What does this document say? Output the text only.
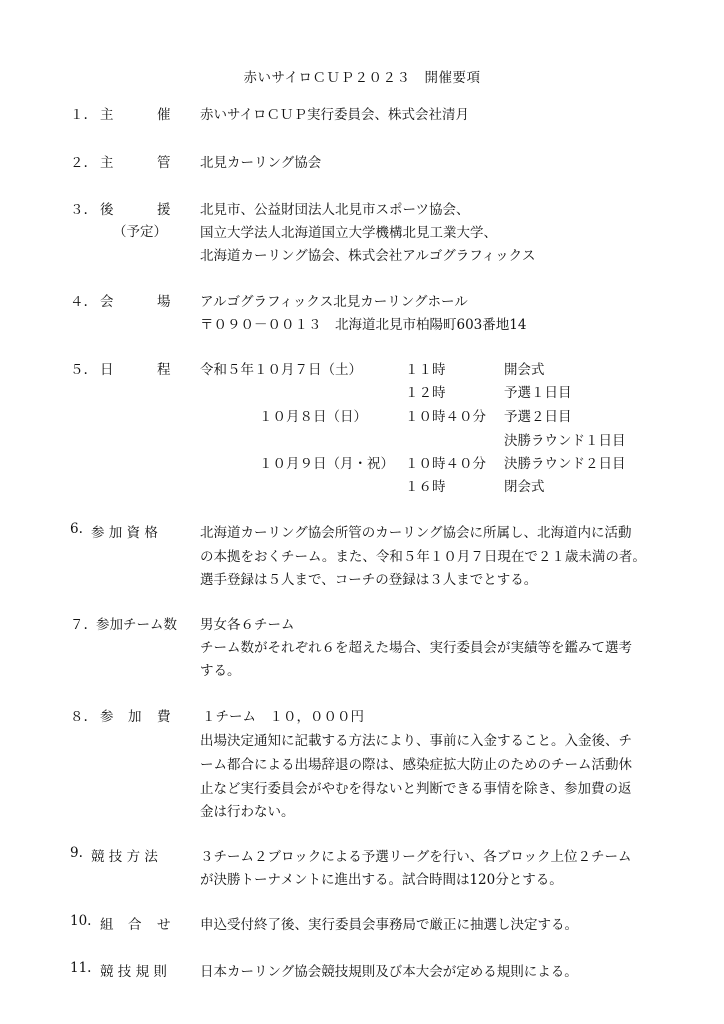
赤いサイロＣＵＰ２０２３　開催要項
１. 主	催 赤いサイロＣＵＰ実行委員会、株式会社清月
２. 主	管 北見カーリング協会
３. 後	援
（予定）
北見市、公益財団法人北見市スポーツ協会、
国立大学法人北海道国立大学機構北見工業大学、
北海道カーリング協会、株式会社アルゴグラフィックス
４. 会	場 アルゴグラフィックス北見カーリングホール
〒０９０－００１３　北海道北見市柏陽町603番地14
５. 日	程 令和５年１０月７日（土）	１１時	開会式
１２時	予選１日目
１０月８日（日）	１０時４０分 予選２日目
決勝ラウンド１日目
１０月９日（月・祝） １０時４０分 決勝ラウンド２日目
１６時	閉会式
6. 参 加 資 格	北海道カーリング協会所管のカーリング協会に所属し、北海道内に活動
の本拠をおくチーム。また、令和５年１０月７日現在で２１歳未満の者。
選手登録は５人まで、コーチの登録は３人までとする。
７. 参加チーム数 男女各６チーム
チーム数がそれぞれ６を超えた場合、実行委員会が実績等を鑑みて選考
する。
８. 参 加 費 １チーム　１０，０００円
出場決定通知に記載する方法により、事前に入金すること。入金後、チ
ーム都合による出場辞退の際は、感染症拡大防止のためのチーム活動休
止など実行委員会がやむを得ないと判断できる事情を除き、参加費の返
金は行わない。
9. 競 技 方 法	３チーム２ブロックによる予選リーグを行い、各ブロック上位２チーム
が決勝トーナメントに進出する。試合時間は120分とする。
10. 組 合 せ 申込受付終了後、実行委員会事務局で厳正に抽選し決定する。
11. 競 技 規 則 日本カーリング協会競技規則及び本大会が定める規則による。
